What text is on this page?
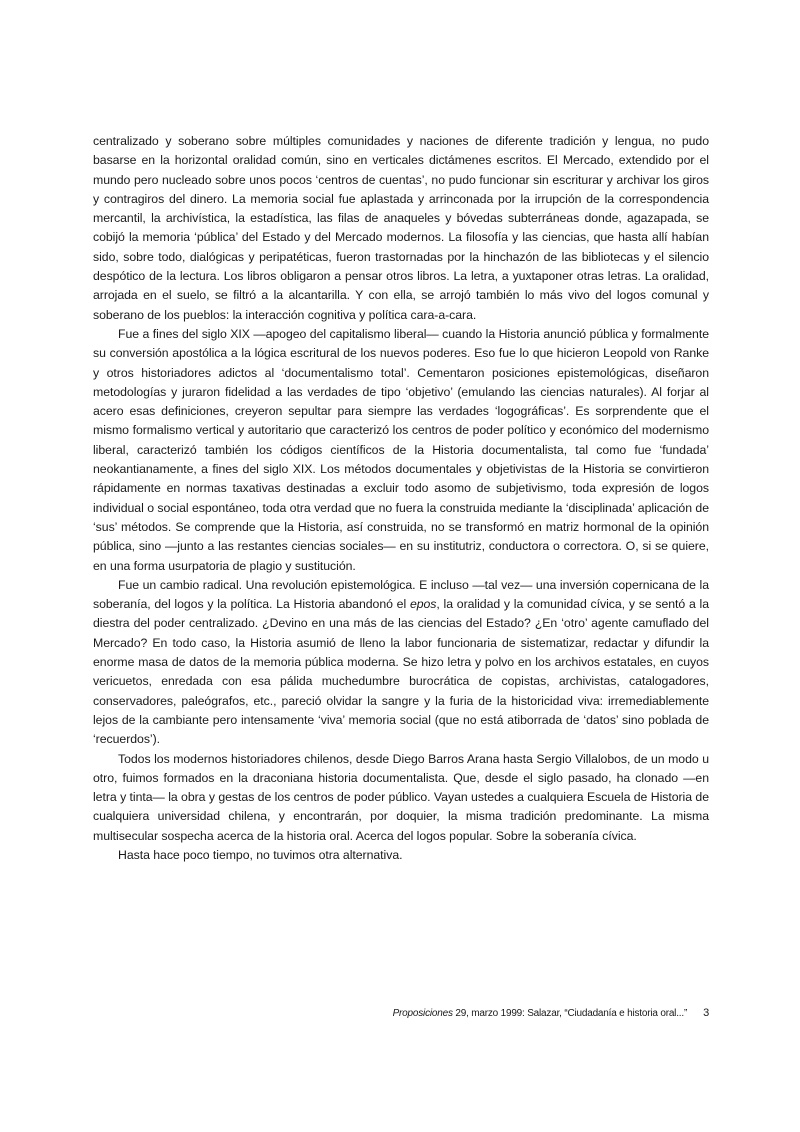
centralizado y soberano sobre múltiples comunidades y naciones de diferente tradición y lengua, no pudo basarse en la horizontal oralidad común, sino en verticales dictámenes escritos. El Mercado, extendido por el mundo pero nucleado sobre unos pocos ‘centros de cuentas’, no pudo funcionar sin escriturar y archivar los giros y contragiros del dinero. La memoria social fue aplastada y arrinconada por la irrupción de la correspondencia mercantil, la archivística, la estadística, las filas de anaqueles y bóvedas subterráneas donde, agazapada, se cobijó la memoria ‘pública’ del Estado y del Mercado modernos. La filosofía y las ciencias, que hasta allí habían sido, sobre todo, dialógicas y peripatéticas, fueron trastornadas por la hinchazón de las bibliotecas y el silencio despótico de la lectura. Los libros obligaron a pensar otros libros. La letra, a yuxtaponer otras letras. La oralidad, arrojada en el suelo, se filtró a la alcantarilla. Y con ella, se arrojó también lo más vivo del logos comunal y soberano de los pueblos: la interacción cognitiva y política cara-a-cara.

Fue a fines del siglo XIX —apogeo del capitalismo liberal— cuando la Historia anunció pública y formalmente su conversión apostólica a la lógica escritural de los nuevos poderes. Eso fue lo que hicieron Leopold von Ranke y otros historiadores adictos al ‘documentalismo total’. Cementaron posiciones epistemológicas, diseñaron metodologías y juraron fidelidad a las verdades de tipo ‘objetivo’ (emulando las ciencias naturales). Al forjar al acero esas definiciones, creyeron sepultar para siempre las verdades ‘logográficas’. Es sorprendente que el mismo formalismo vertical y autoritario que caracterizó los centros de poder político y económico del modernismo liberal, caracterizó también los códigos científicos de la Historia documentalista, tal como fue ‘fundada’ neokantianamente, a fines del siglo XIX. Los métodos documentales y objetivistas de la Historia se convirtieron rápidamente en normas taxativas destinadas a excluir todo asomo de subjetivismo, toda expresión de logos individual o social espontáneo, toda otra verdad que no fuera la construida mediante la ‘disciplinada’ aplicación de ‘sus’ métodos. Se comprende que la Historia, así construida, no se transformó en matriz hormonal de la opinión pública, sino —junto a las restantes ciencias sociales— en su institutriz, conductora o correctora. O, si se quiere, en una forma usurpatoria de plagio y sustitución.

Fue un cambio radical. Una revolución epistemológica. E incluso —tal vez— una inversión copernicana de la soberanía, del logos y la política. La Historia abandonó el epos, la oralidad y la comunidad cívica, y se sentó a la diestra del poder centralizado. ¿Devino en una más de las ciencias del Estado? ¿En ‘otro’ agente camuflado del Mercado? En todo caso, la Historia asumió de lleno la labor funcionaria de sistematizar, redactar y difundir la enorme masa de datos de la memoria pública moderna. Se hizo letra y polvo en los archivos estatales, en cuyos vericuetos, enredada con esa pálida muchedumbre burocrática de copistas, archivistas, catalogadores, conservadores, paleógrafos, etc., pareció olvidar la sangre y la furia de la historicidad viva: irremediablemente lejos de la cambiante pero intensamente ‘viva’ memoria social (que no está atiborrada de ‘datos’ sino poblada de ‘recuerdos’).

Todos los modernos historiadores chilenos, desde Diego Barros Arana hasta Sergio Villalobos, de un modo u otro, fuimos formados en la draconiana historia documentalista. Que, desde el siglo pasado, ha clonado —en letra y tinta— la obra y gestas de los centros de poder público. Vayan ustedes a cualquiera Escuela de Historia de cualquiera universidad chilena, y encontrarán, por doquier, la misma tradición predominante. La misma multisecular sospecha acerca de la historia oral. Acerca del logos popular. Sobre la soberanía cívica.

Hasta hace poco tiempo, no tuvimos otra alternativa.

Proposiciones 29, marzo 1999: Salazar, “Ciudadanía e historia oral...” 3
